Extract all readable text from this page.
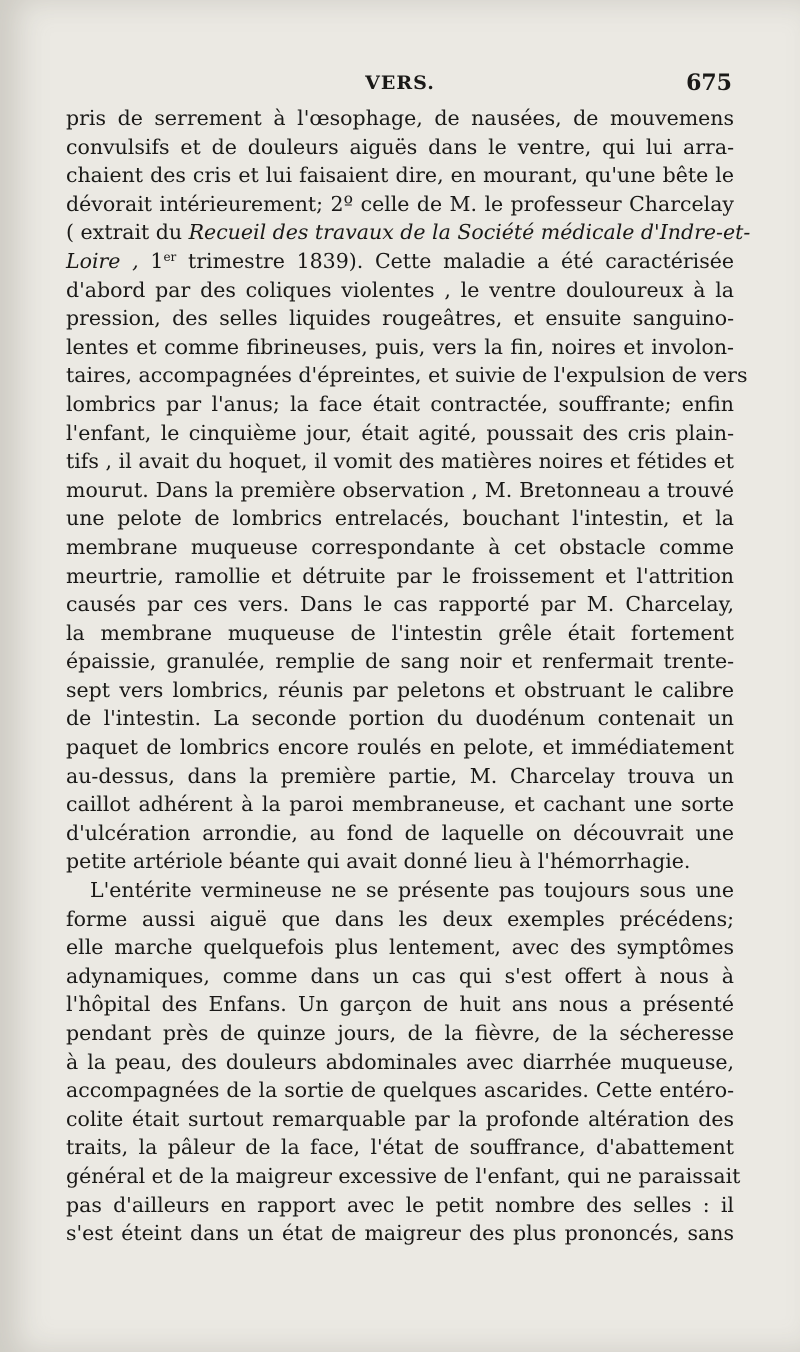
VERS.	675
pris de serrement à l'œsophage, de nausées, de mouvemens
convulsifs et de douleurs aiguës dans le ventre, qui lui arra-
chaient des cris et lui faisaient dire, en mourant, qu'une bête le
dévorait intérieurement; 2º celle de M. le professeur Charcelay
( extrait du Recueil des travaux de la Société médicale d'Indre-et-
Loire , 1er trimestre 1839). Cette maladie a été caractérisée
d'abord par des coliques violentes , le ventre douloureux à la
pression, des selles liquides rougeâtres, et ensuite sanguino-
lentes et comme fibrineuses, puis, vers la fin, noires et involon-
taires, accompagnées d'épreintes, et suivie de l'expulsion de vers
lombrics par l'anus; la face était contractée, souffrante; enfin
l'enfant, le cinquième jour, était agité, poussait des cris plain-
tifs , il avait du hoquet, il vomit des matières noires et fétides et
mourut. Dans la première observation , M. Bretonneau a trouvé
une pelote de lombrics entrelacés, bouchant l'intestin, et la
membrane muqueuse correspondante à cet obstacle comme
meurtrie, ramollie et détruite par le froissement et l'attrition
causés par ces vers. Dans le cas rapporté par M. Charcelay,
la membrane muqueuse de l'intestin grêle était fortement
épaissie, granulée, remplie de sang noir et renfermait trente-
sept vers lombrics, réunis par peletons et obstruant le calibre
de l'intestin. La seconde portion du duodénum contenait un
paquet de lombrics encore roulés en pelote, et immédiatement
au-dessus, dans la première partie, M. Charcelay trouva un
caillot adhérent à la paroi membraneuse, et cachant une sorte
d'ulcération arrondie, au fond de laquelle on découvrait une
petite artériole béante qui avait donné lieu à l'hémorrhagie.
L'entérite vermineuse ne se présente pas toujours sous une
forme aussi aiguë que dans les deux exemples précédens;
elle marche quelquefois plus lentement, avec des symptômes
adynamiques, comme dans un cas qui s'est offert à nous à
l'hôpital des Enfans. Un garçon de huit ans nous a présenté
pendant près de quinze jours, de la fièvre, de la sécheresse
à la peau, des douleurs abdominales avec diarrhée muqueuse,
accompagnées de la sortie de quelques ascarides. Cette entéro-
colite était surtout remarquable par la profonde altération des
traits, la pâleur de la face, l'état de souffrance, d'abattement
général et de la maigreur excessive de l'enfant, qui ne paraissait
pas d'ailleurs en rapport avec le petit nombre des selles : il
s'est éteint dans un état de maigreur des plus prononcés, sans
